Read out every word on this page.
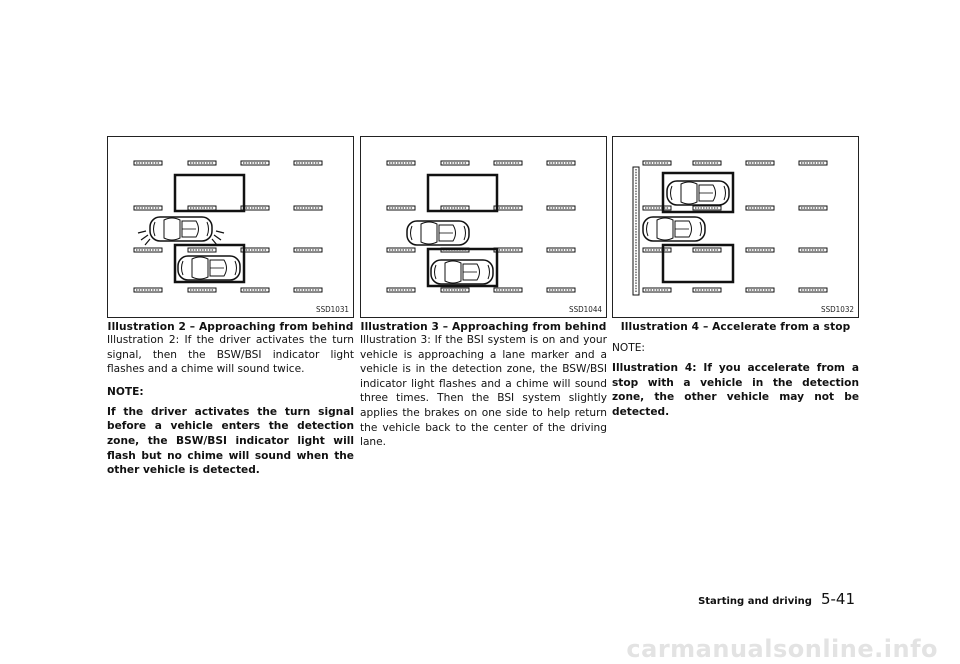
SSD1031
Illustration 2 – Approaching from behind

Illustration 2: If the driver activates the turn signal, then the BSW/BSI indicator light flashes and a chime will sound twice.

NOTE:

If the driver activates the turn signal before a vehicle enters the detection zone, the BSW/BSI indicator light will flash but no chime will sound when the other vehicle is detected.

SSD1044
Illustration 3 – Approaching from behind

Illustration 3: If the BSI system is on and your vehicle is approaching a lane marker and a vehicle is in the detection zone, the BSW/BSI indicator light flashes and a chime will sound three times. Then the BSI system slightly applies the brakes on one side to help return the vehicle back to the center of the driving lane.

SSD1032
Illustration 4 – Accelerate from a stop
NOTE:

Illustration 4: If you accelerate from a stop with a vehicle in the detection zone, the other vehicle may not be detected.

Starting and driving 5-41
carmanualsonline.info
